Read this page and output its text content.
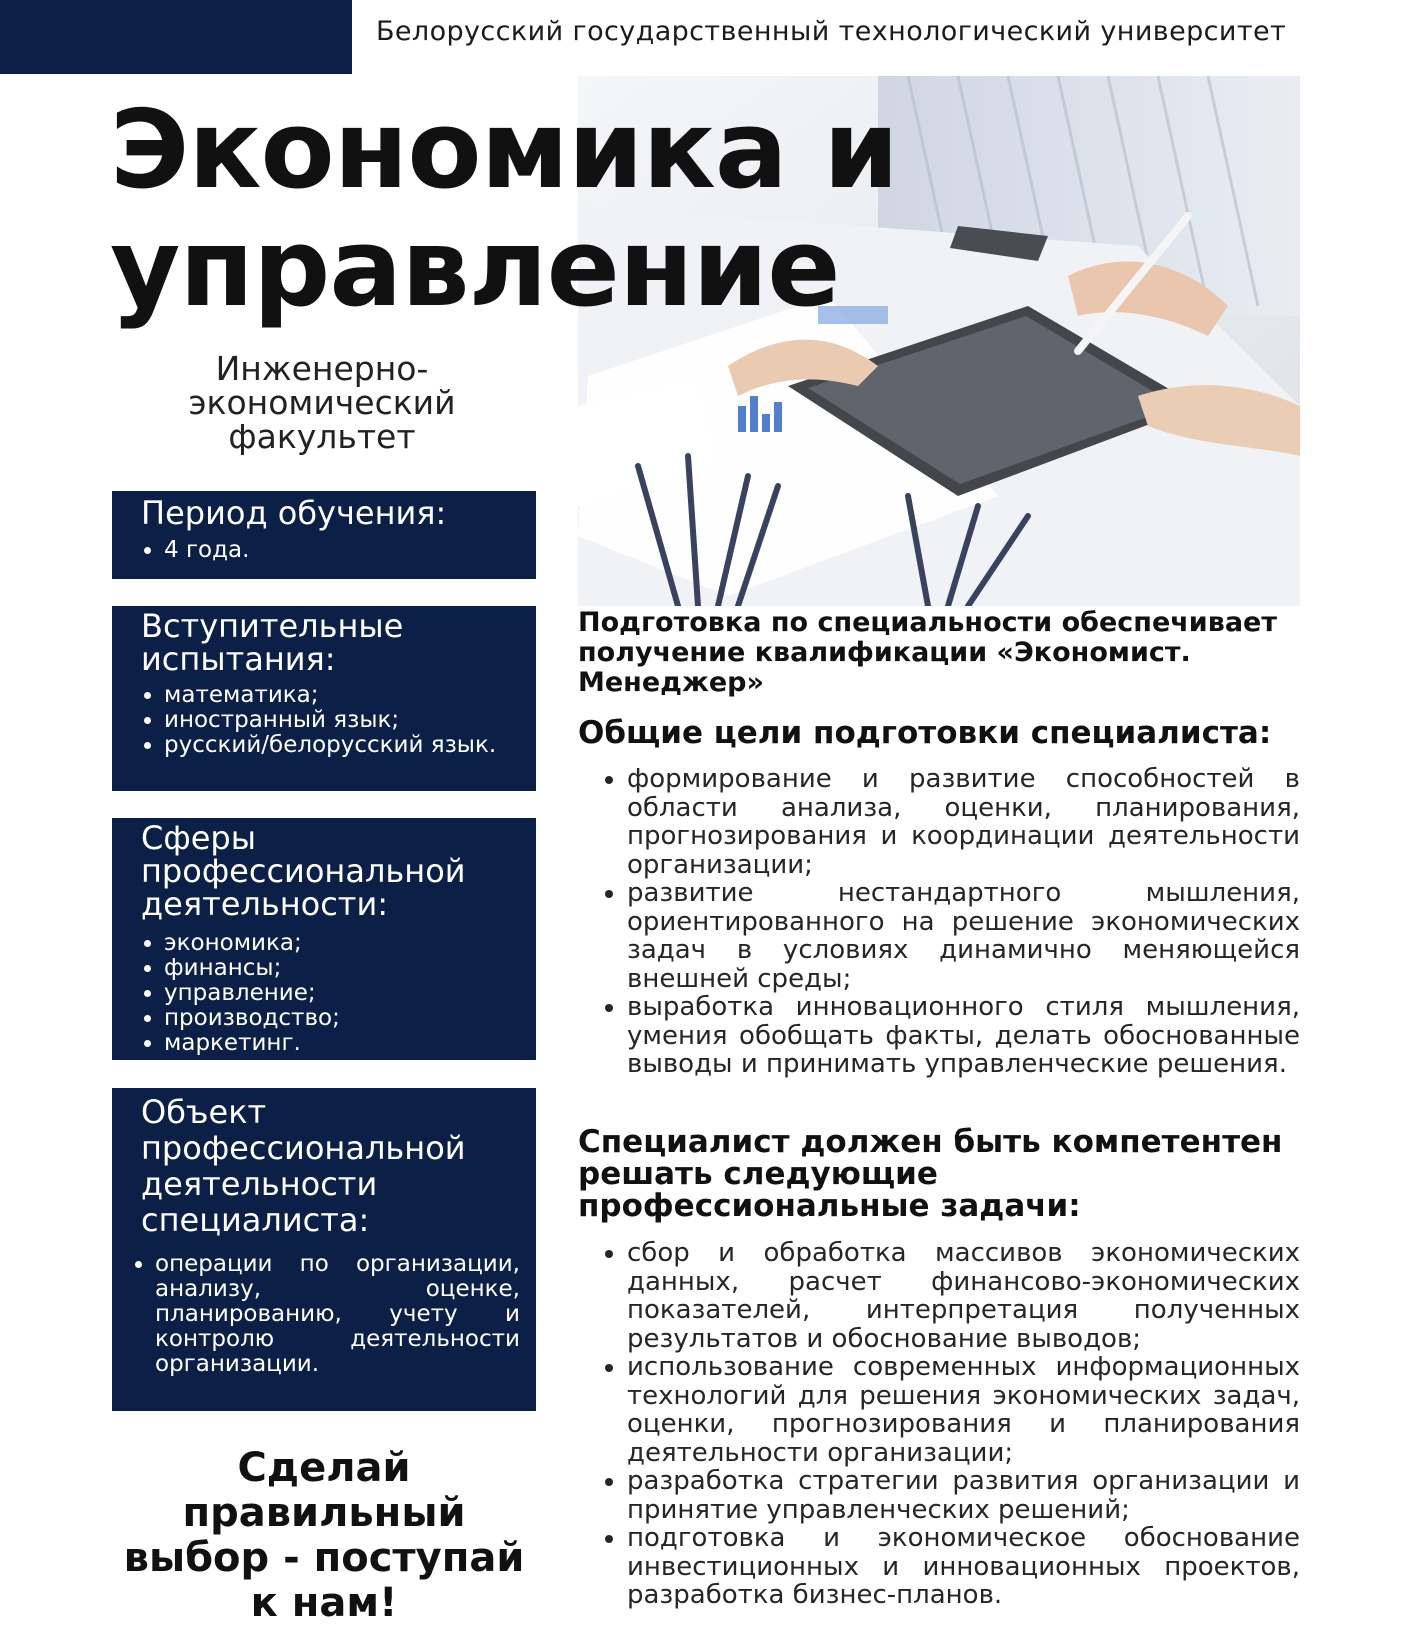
Белорусский государственный технологический университет
Экономика и
управление
Инженерно-
экономический
факультет
Период обучения:
• 4 года.
Вступительные испытания:
• математика;
• иностранный язык;
• русский/белорусский язык.
Сферы профессиональной деятельности:
• экономика;
• финансы;
• управление;
• производство;
• маркетинг.
Объект профессиональной деятельности специалиста:
• операции по организации, анализу, оценке, планированию, учету и контролю деятельности организации.
Сделай правильный выбор - поступай к нам!

Подготовка по специальности обеспечивает получение квалификации «Экономист. Менеджер»

Общие цели подготовки специалиста:
• формирование и развитие способностей в области анализа, оценки, планирования, прогнозирования и координации деятельности организации;
• развитие нестандартного мышления, ориентированного на решение экономических задач в условиях динамично меняющейся внешней среды;
• выработка инновационного стиля мышления, умения обобщать факты, делать обоснованные выводы и принимать управленческие решения.
Специалист должен быть компетентен решать следующие профессиональные задачи:
• сбор и обработка массивов экономических данных, расчет финансово-экономических показателей, интерпретация полученных результатов и обоснование выводов;
• использование современных информационных технологий для решения экономических задач, оценки, прогнозирования и планирования деятельности организации;
• разработка стратегии развития организации и принятие управленческих решений;
• подготовка и экономическое обоснование инвестиционных и инновационных проектов, разработка бизнес-планов.
